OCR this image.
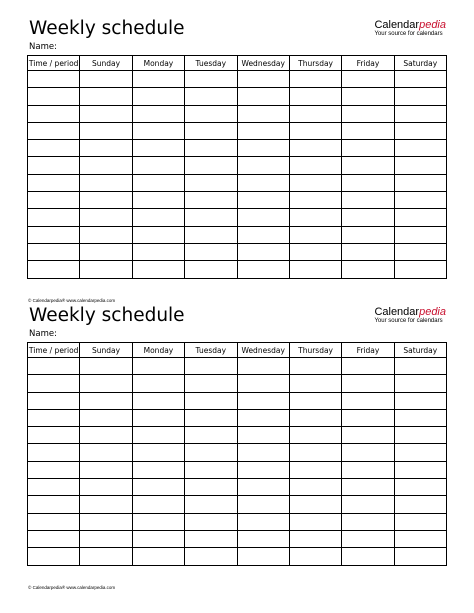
Weekly schedule
Name:
Calendarpedia
Your source for calendars
Time / period	Sunday	Monday	Tuesday	Wednesday	Thursday	Friday	Saturday

© Calendarpedia® www.calendarpedia.com
Weekly schedule
Name:
Calendarpedia
Your source for calendars
Time / period	Sunday	Monday	Tuesday	Wednesday	Thursday	Friday	Saturday

© Calendarpedia® www.calendarpedia.com
